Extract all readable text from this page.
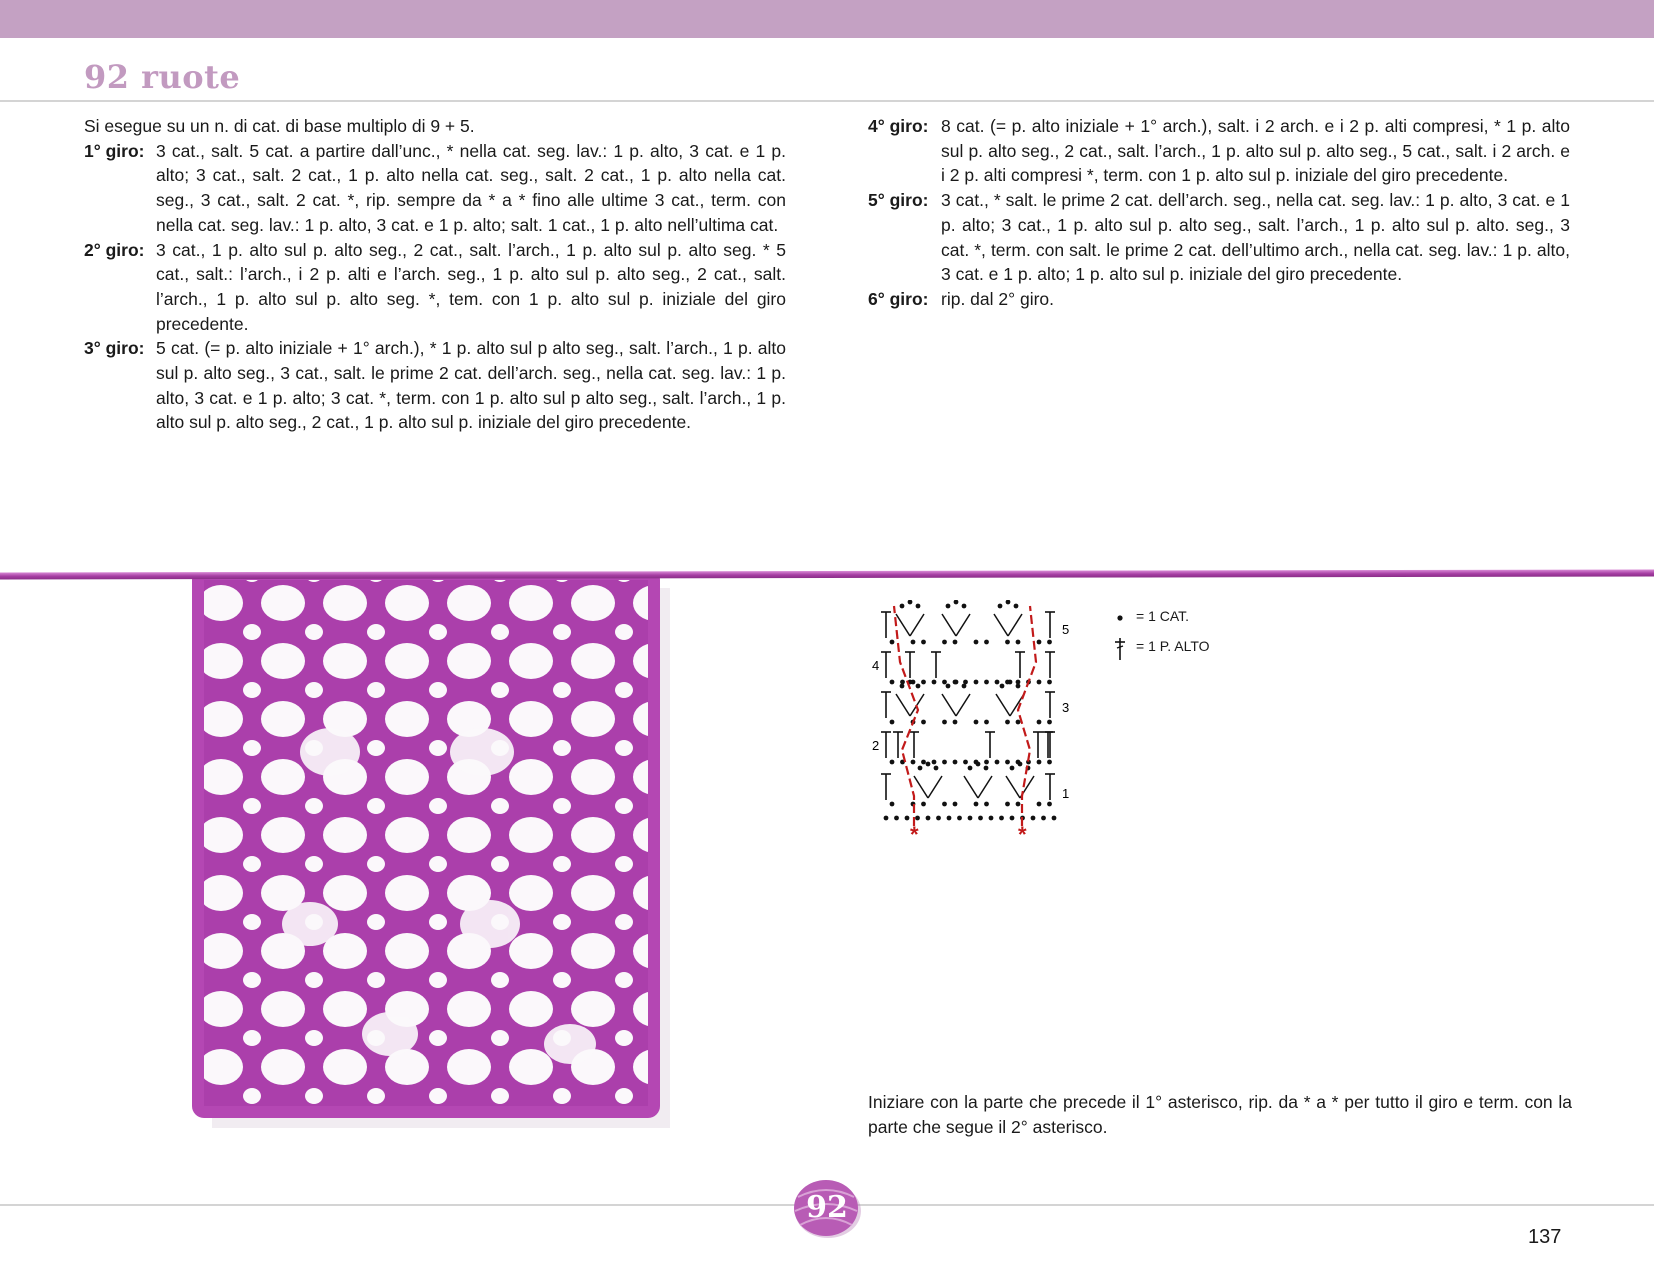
92 ruote

Si esegue su un n. di cat. di base multiplo di 9 + 5.

1° giro: 3 cat., salt. 5 cat. a partire dall’unc., * nella cat. seg. lav.: 1 p. alto, 3 cat. e 1 p. alto; 3 cat., salt. 2 cat., 1 p. alto nella cat. seg., salt. 2 cat., 1 p. alto nella cat. seg., 3 cat., salt. 2 cat. *, rip. sempre da * a * fino alle ultime 3 cat., term. con nella cat. seg. lav.: 1 p. alto, 3 cat. e 1 p. alto; salt. 1 cat., 1 p. alto nell’ultima cat.
2° giro: 3 cat., 1 p. alto sul p. alto seg., 2 cat., salt. l’arch., 1 p. alto sul p. alto seg. * 5 cat., salt.: l’arch., i 2 p. alti e l’arch. seg., 1 p. alto sul p. alto seg., 2 cat., salt. l’arch., 1 p. alto sul p. alto seg. *, tem. con 1 p. alto sul p. iniziale del giro precedente.
3° giro: 5 cat. (= p. alto iniziale + 1° arch.), * 1 p. alto sul p alto seg., salt. l’arch., 1 p. alto sul p. alto seg., 3 cat., salt. le prime 2 cat. dell’arch. seg., nella cat. seg. lav.: 1 p. alto, 3 cat. e 1 p. alto; 3 cat. *, term. con 1 p. alto sul p alto seg., salt. l’arch., 1 p. alto sul p. alto seg., 2 cat., 1 p. alto sul p. iniziale del giro precedente.
4° giro: 8 cat. (= p. alto iniziale + 1° arch.), salt. i 2 arch. e i 2 p. alti compresi, * 1 p. alto sul p. alto seg., 2 cat., salt. l’arch., 1 p. alto sul p. alto seg., 5 cat., salt. i 2 arch. e i 2 p. alti compresi *, term. con 1 p. alto sul p. iniziale del giro precedente.
5° giro: 3 cat., * salt. le prime 2 cat. dell’arch. seg., nella cat. seg. lav.: 1 p. alto, 3 cat. e 1 p. alto; 3 cat., 1 p. alto sul p. alto seg., salt. l’arch., 1 p. alto sul p. alto. seg., 3 cat. *, term. con salt. le prime 2 cat. dell’ultimo arch., nella cat. seg. lav.: 1 p. alto, 3 cat. e 1 p. alto; 1 p. alto sul p. iniziale del giro precedente.
6° giro: rip. dal 2° giro.
5
4
3
2
1
*	*
= 1 CAT.
= 1 P. ALTO

Iniziare con la parte che precede il 1° asterisco, rip. da * a * per tutto il giro e term. con la parte che segue il 2° asterisco.

92
137
